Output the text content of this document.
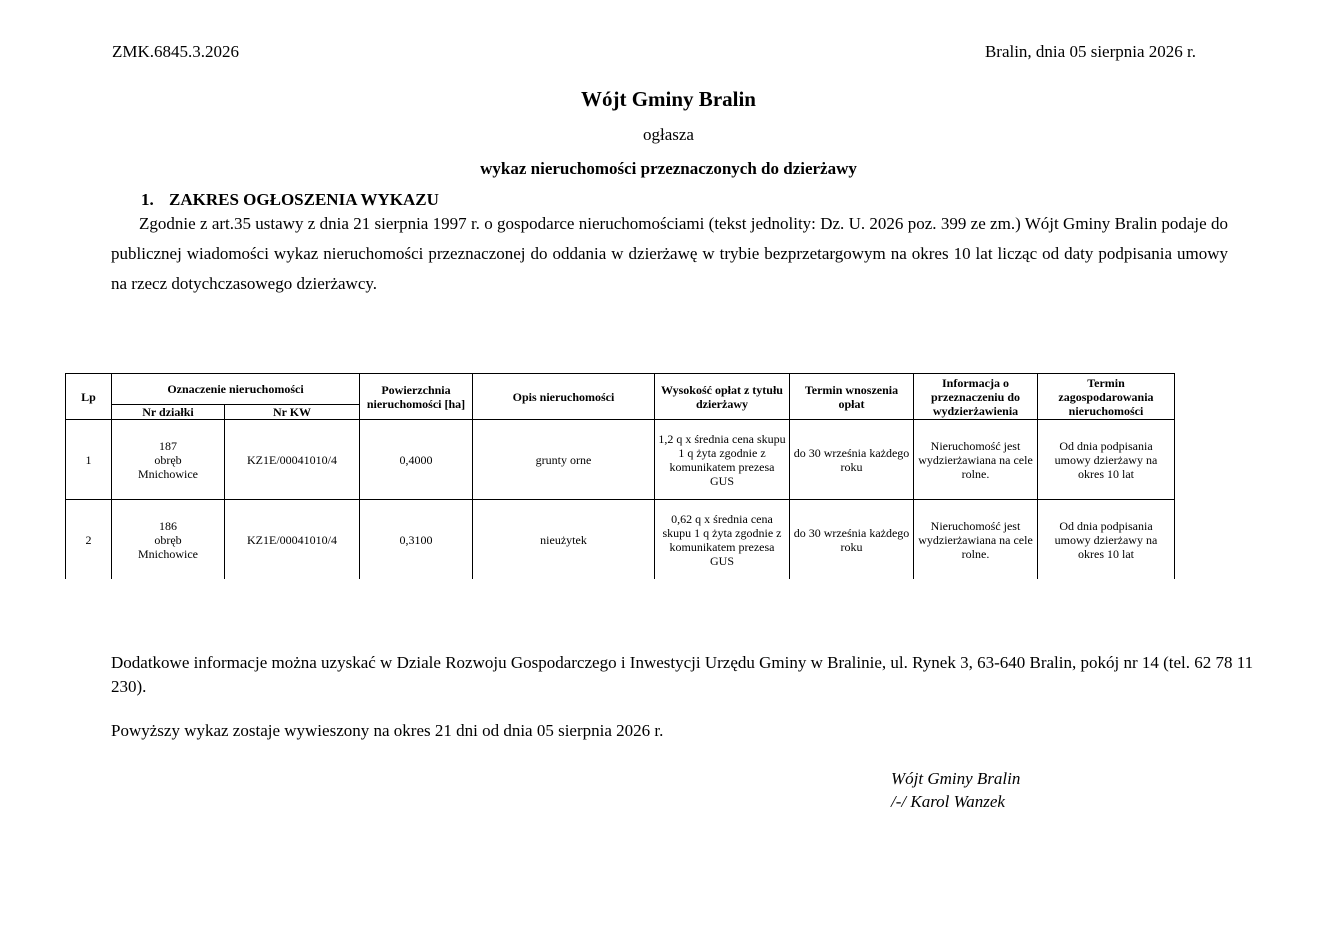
ZMK.6845.3.2026	Bralin, dnia 05 sierpnia 2026 r.
Wójt Gminy Bralin
ogłasza
wykaz nieruchomości przeznaczonych do dzierżawy
1. ZAKRES OGŁOSZENIA WYKAZU
Zgodnie z art.35 ustawy z dnia 21 sierpnia 1997 r. o gospodarce nieruchomościami (tekst jednolity: Dz. U. 2026 poz. 399 ze zm.) Wójt Gminy Bralin podaje do publicznej wiadomości wykaz nieruchomości przeznaczonej do oddania w dzierżawę w trybie bezprzetargowym na okres 10 lat licząc od daty podpisania umowy na rzecz dotychczasowego dzierżawcy.
Lp	Oznaczenie nieruchomości		Powierzchnia nieruchomości [ha]	Opis nieruchomości	Wysokość opłat z tytułu dzierżawy	Termin wnoszenia opłat	Informacja o przeznaczeniu do wydzierżawienia	Termin zagospodarowania nieruchomości
	Nr działki	Nr KW						
1	187
obręb
Mnichowice	KZ1E/00041010/4	0,4000	grunty orne	1,2 q x średnia cena skupu 1 q żyta zgodnie z komunikatem prezesa GUS	do 30 września każdego roku	Nieruchomość jest wydzierżawiana na cele rolne.	Od dnia podpisania umowy dzierżawy na okres 10 lat
2	186
obręb
Mnichowice	KZ1E/00041010/4	0,3100	nieużytek	0,62 q x średnia cena skupu 1 q żyta zgodnie z komunikatem prezesa GUS	do 30 września każdego roku	Nieruchomość jest wydzierżawiana na cele rolne.	Od dnia podpisania umowy dzierżawy na okres 10 lat
Dodatkowe informacje można uzyskać w Dziale Rozwoju Gospodarczego i Inwestycji Urzędu Gminy w Bralinie, ul. Rynek 3, 63-640 Bralin, pokój nr 14 (tel. 62 78 11 230).
Powyższy wykaz zostaje wywieszony na okres 21 dni od dnia 05 sierpnia 2026 r.
Wójt Gminy Bralin
/-/ Karol Wanzek
